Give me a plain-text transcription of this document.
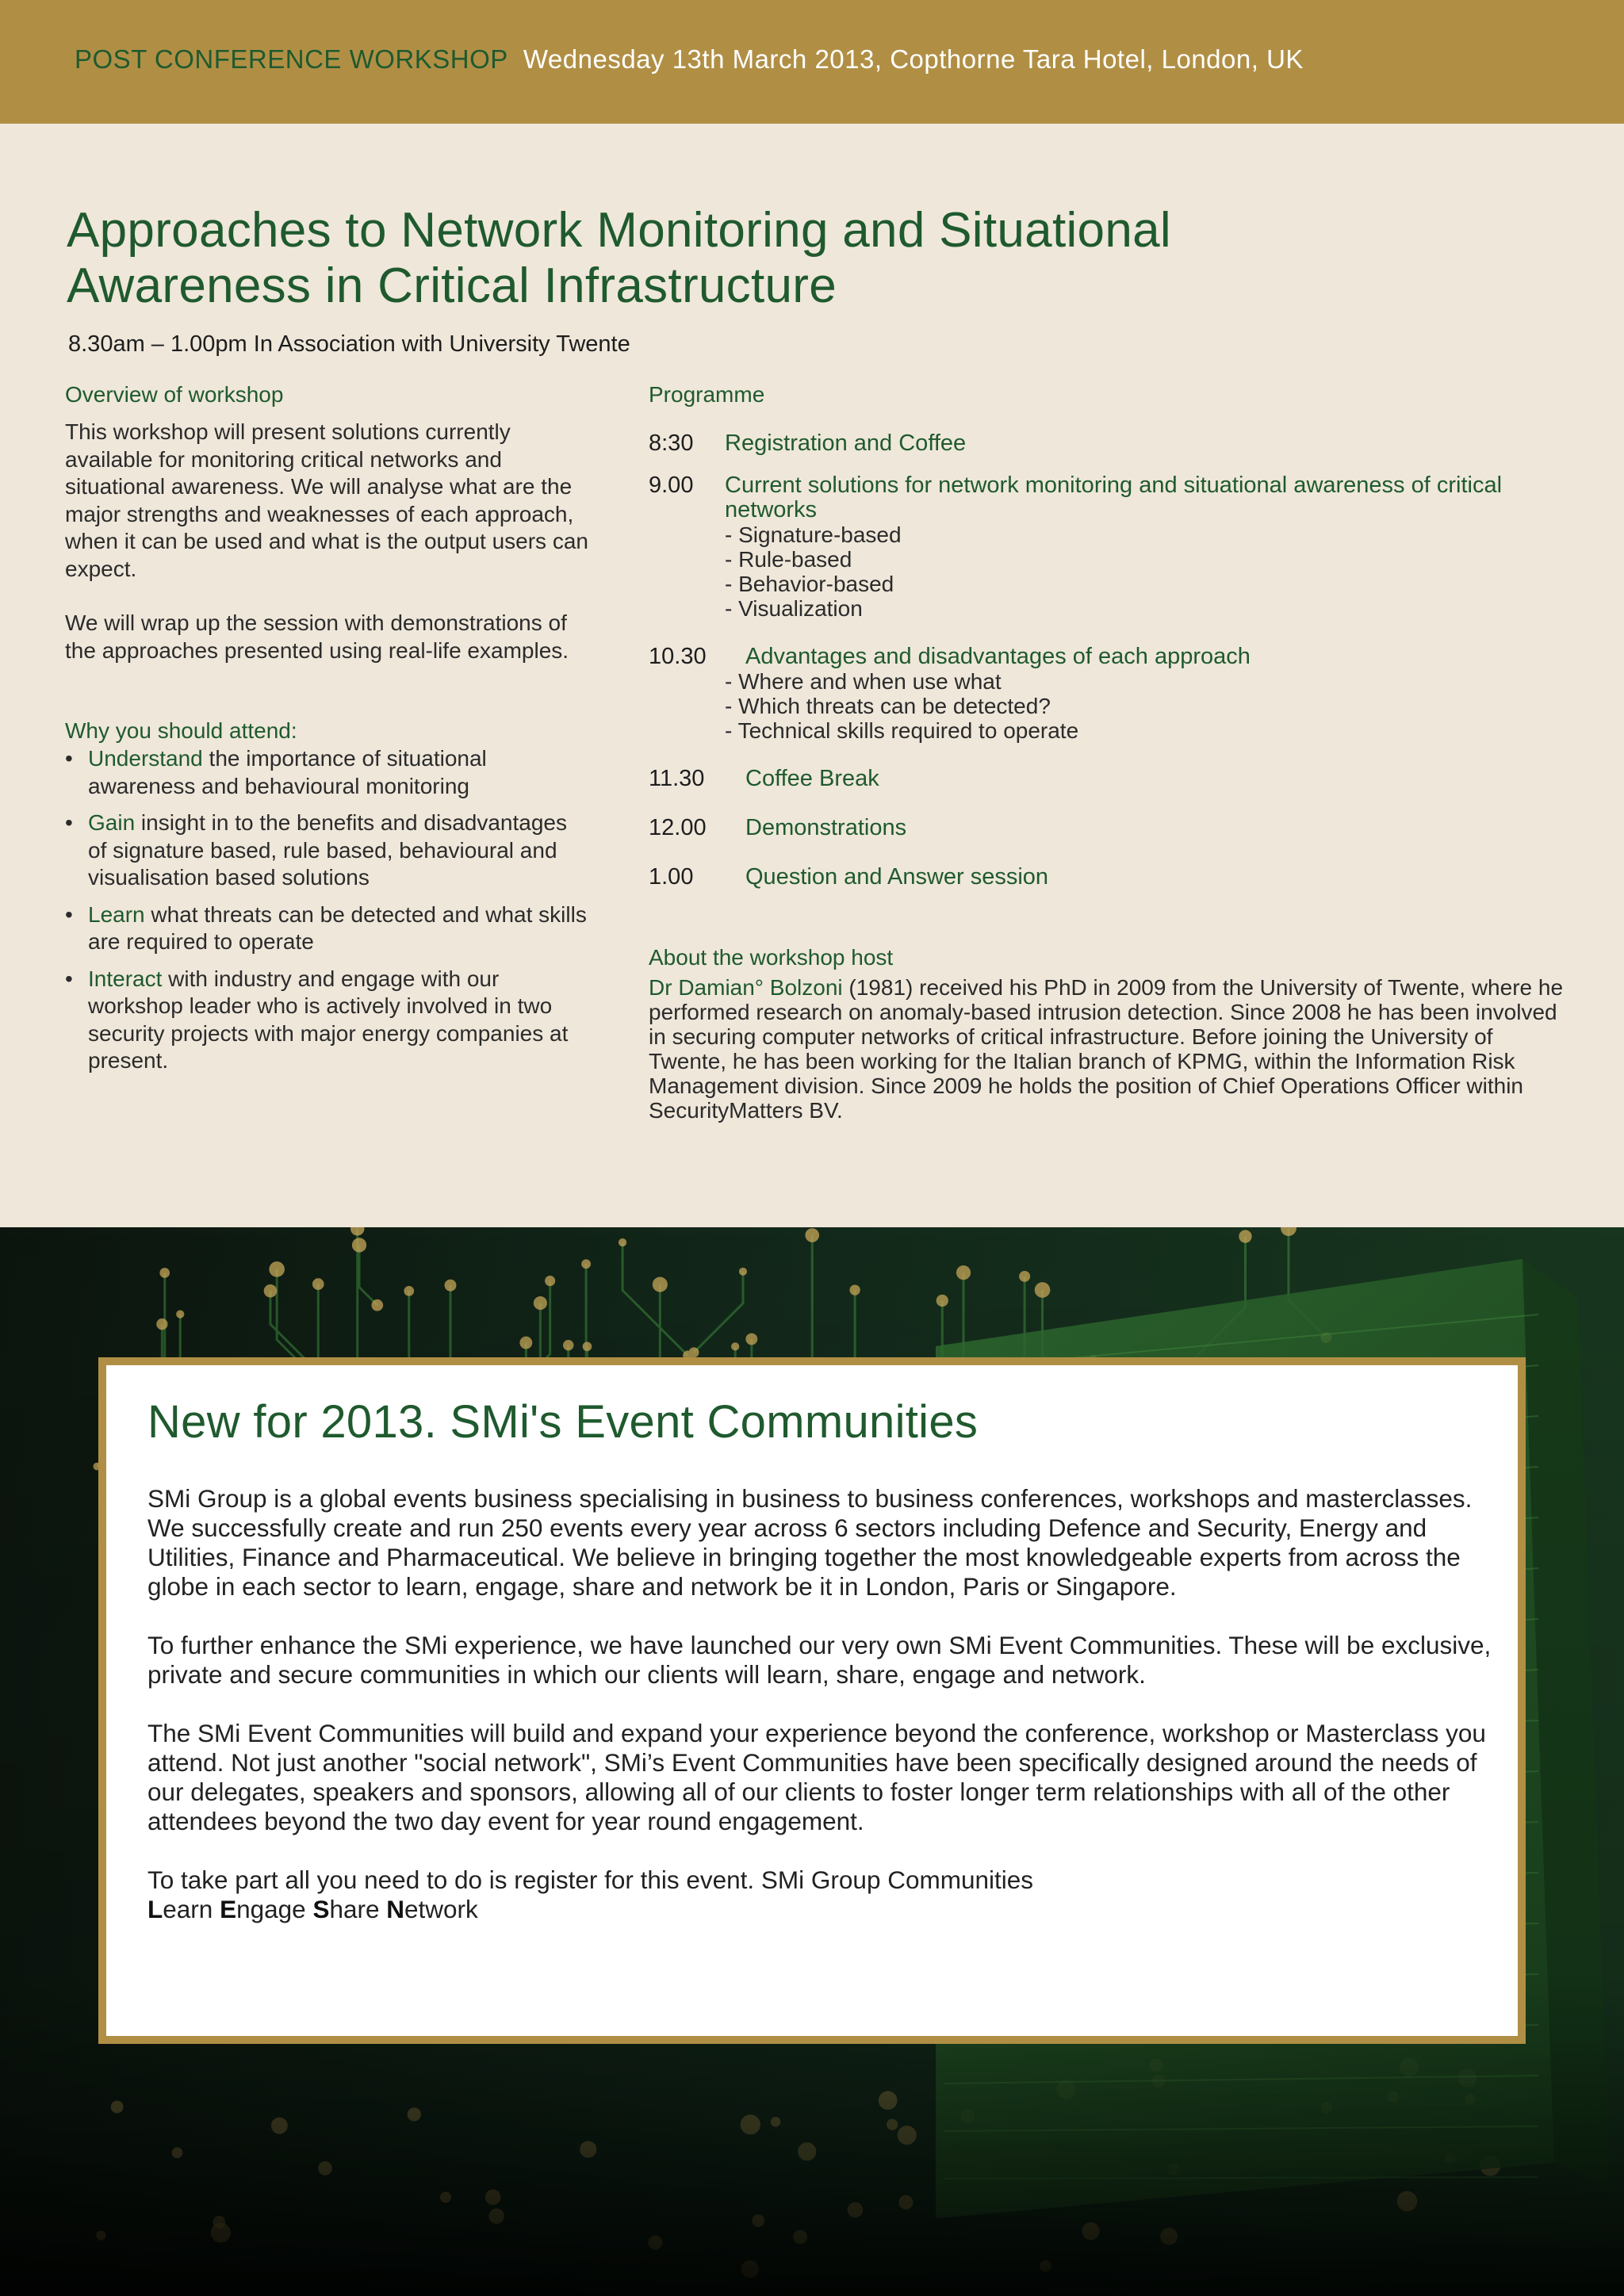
POST CONFERENCE WORKSHOP Wednesday 13th March 2013, Copthorne Tara Hotel, London, UK
Approaches to Network Monitoring and Situational
Awareness in Critical Infrastructure
8.30am – 1.00pm In Association with University Twente
Overview of workshop

This workshop will present solutions currently available for monitoring critical networks and situational awareness. We will analyse what are the major strengths and weaknesses of each approach, when it can be used and what is the output users can expect.

We will wrap up the session with demonstrations of the approaches presented using real-life examples.

Why you should attend:
• Understand the importance of situational awareness and behavioural monitoring
• Gain insight in to the benefits and disadvantages of signature based, rule based, behavioural and visualisation based solutions
• Learn what threats can be detected and what skills are required to operate
• Interact with industry and engage with our workshop leader who is actively involved in two security projects with major energy companies at present.
Programme
8:30 Registration and Coffee
9.00 Current solutions for network monitoring and situational awareness of critical networks
- Signature-based
- Rule-based
- Behavior-based
- Visualization
10.30 Advantages and disadvantages of each approach
- Where and when use what
- Which threats can be detected?
- Technical skills required to operate
11.30 Coffee Break
12.00 Demonstrations
1.00 Question and Answer session
About the workshop host

Dr Damian° Bolzoni (1981) received his PhD in 2009 from the University of Twente, where he performed research on anomaly-based intrusion detection. Since 2008 he has been involved in securing computer networks of critical infrastructure. Before joining the University of Twente, he has been working for the Italian branch of KPMG, within the Information Risk Management division. Since 2009 he holds the position of Chief Operations Officer within SecurityMatters BV.

New for 2013. SMi's Event Communities

SMi Group is a global events business specialising in business to business conferences, workshops and masterclasses. We successfully create and run 250 events every year across 6 sectors including Defence and Security, Energy and Utilities, Finance and Pharmaceutical. We believe in bringing together the most knowledgeable experts from across the globe in each sector to learn, engage, share and network be it in London, Paris or Singapore.

To further enhance the SMi experience, we have launched our very own SMi Event Communities. These will be exclusive, private and secure communities in which our clients will learn, share, engage and network.

The SMi Event Communities will build and expand your experience beyond the conference, workshop or Masterclass you attend. Not just another "social network", SMi’s Event Communities have been specifically designed around the needs of our delegates, speakers and sponsors, allowing all of our clients to foster longer term relationships with all of the other attendees beyond the two day event for year round engagement.

To take part all you need to do is register for this event. SMi Group Communities
Learn Engage Share Network
